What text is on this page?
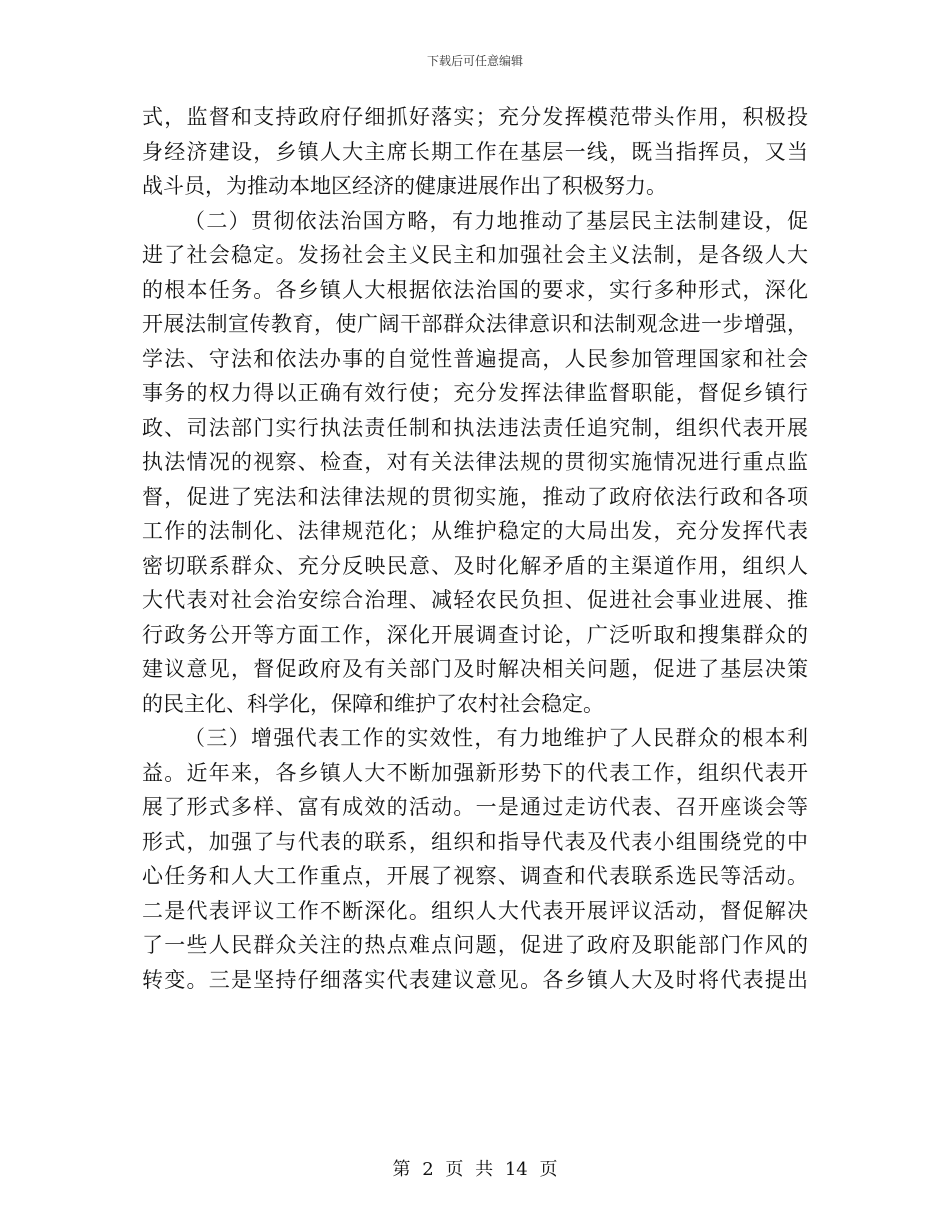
下载后可任意编辑
式，监督和支持政府仔细抓好落实；充分发挥模范带头作用，积极投
身经济建设，乡镇人大主席长期工作在基层一线，既当指挥员，又当
战斗员，为推动本地区经济的健康进展作出了积极努力。
（二）贯彻依法治国方略，有力地推动了基层民主法制建设，促
进了社会稳定。发扬社会主义民主和加强社会主义法制，是各级人大
的根本任务。各乡镇人大根据依法治国的要求，实行多种形式，深化
开展法制宣传教育，使广阔干部群众法律意识和法制观念进一步增强，
学法、守法和依法办事的自觉性普遍提高，人民参加管理国家和社会
事务的权力得以正确有效行使；充分发挥法律监督职能，督促乡镇行
政、司法部门实行执法责任制和执法违法责任追究制，组织代表开展
执法情况的视察、检查，对有关法律法规的贯彻实施情况进行重点监
督，促进了宪法和法律法规的贯彻实施，推动了政府依法行政和各项
工作的法制化、法律规范化；从维护稳定的大局出发，充分发挥代表
密切联系群众、充分反映民意、及时化解矛盾的主渠道作用，组织人
大代表对社会治安综合治理、减轻农民负担、促进社会事业进展、推
行政务公开等方面工作，深化开展调查讨论，广泛听取和搜集群众的
建议意见，督促政府及有关部门及时解决相关问题，促进了基层决策
的民主化、科学化，保障和维护了农村社会稳定。
（三）增强代表工作的实效性，有力地维护了人民群众的根本利
益。近年来，各乡镇人大不断加强新形势下的代表工作，组织代表开
展了形式多样、富有成效的活动。一是通过走访代表、召开座谈会等
形式，加强了与代表的联系，组织和指导代表及代表小组围绕党的中
心任务和人大工作重点，开展了视察、调查和代表联系选民等活动。
二是代表评议工作不断深化。组织人大代表开展评议活动，督促解决
了一些人民群众关注的热点难点问题，促进了政府及职能部门作风的
转变。三是坚持仔细落实代表建议意见。各乡镇人大及时将代表提出
第 2 页 共 14 页
